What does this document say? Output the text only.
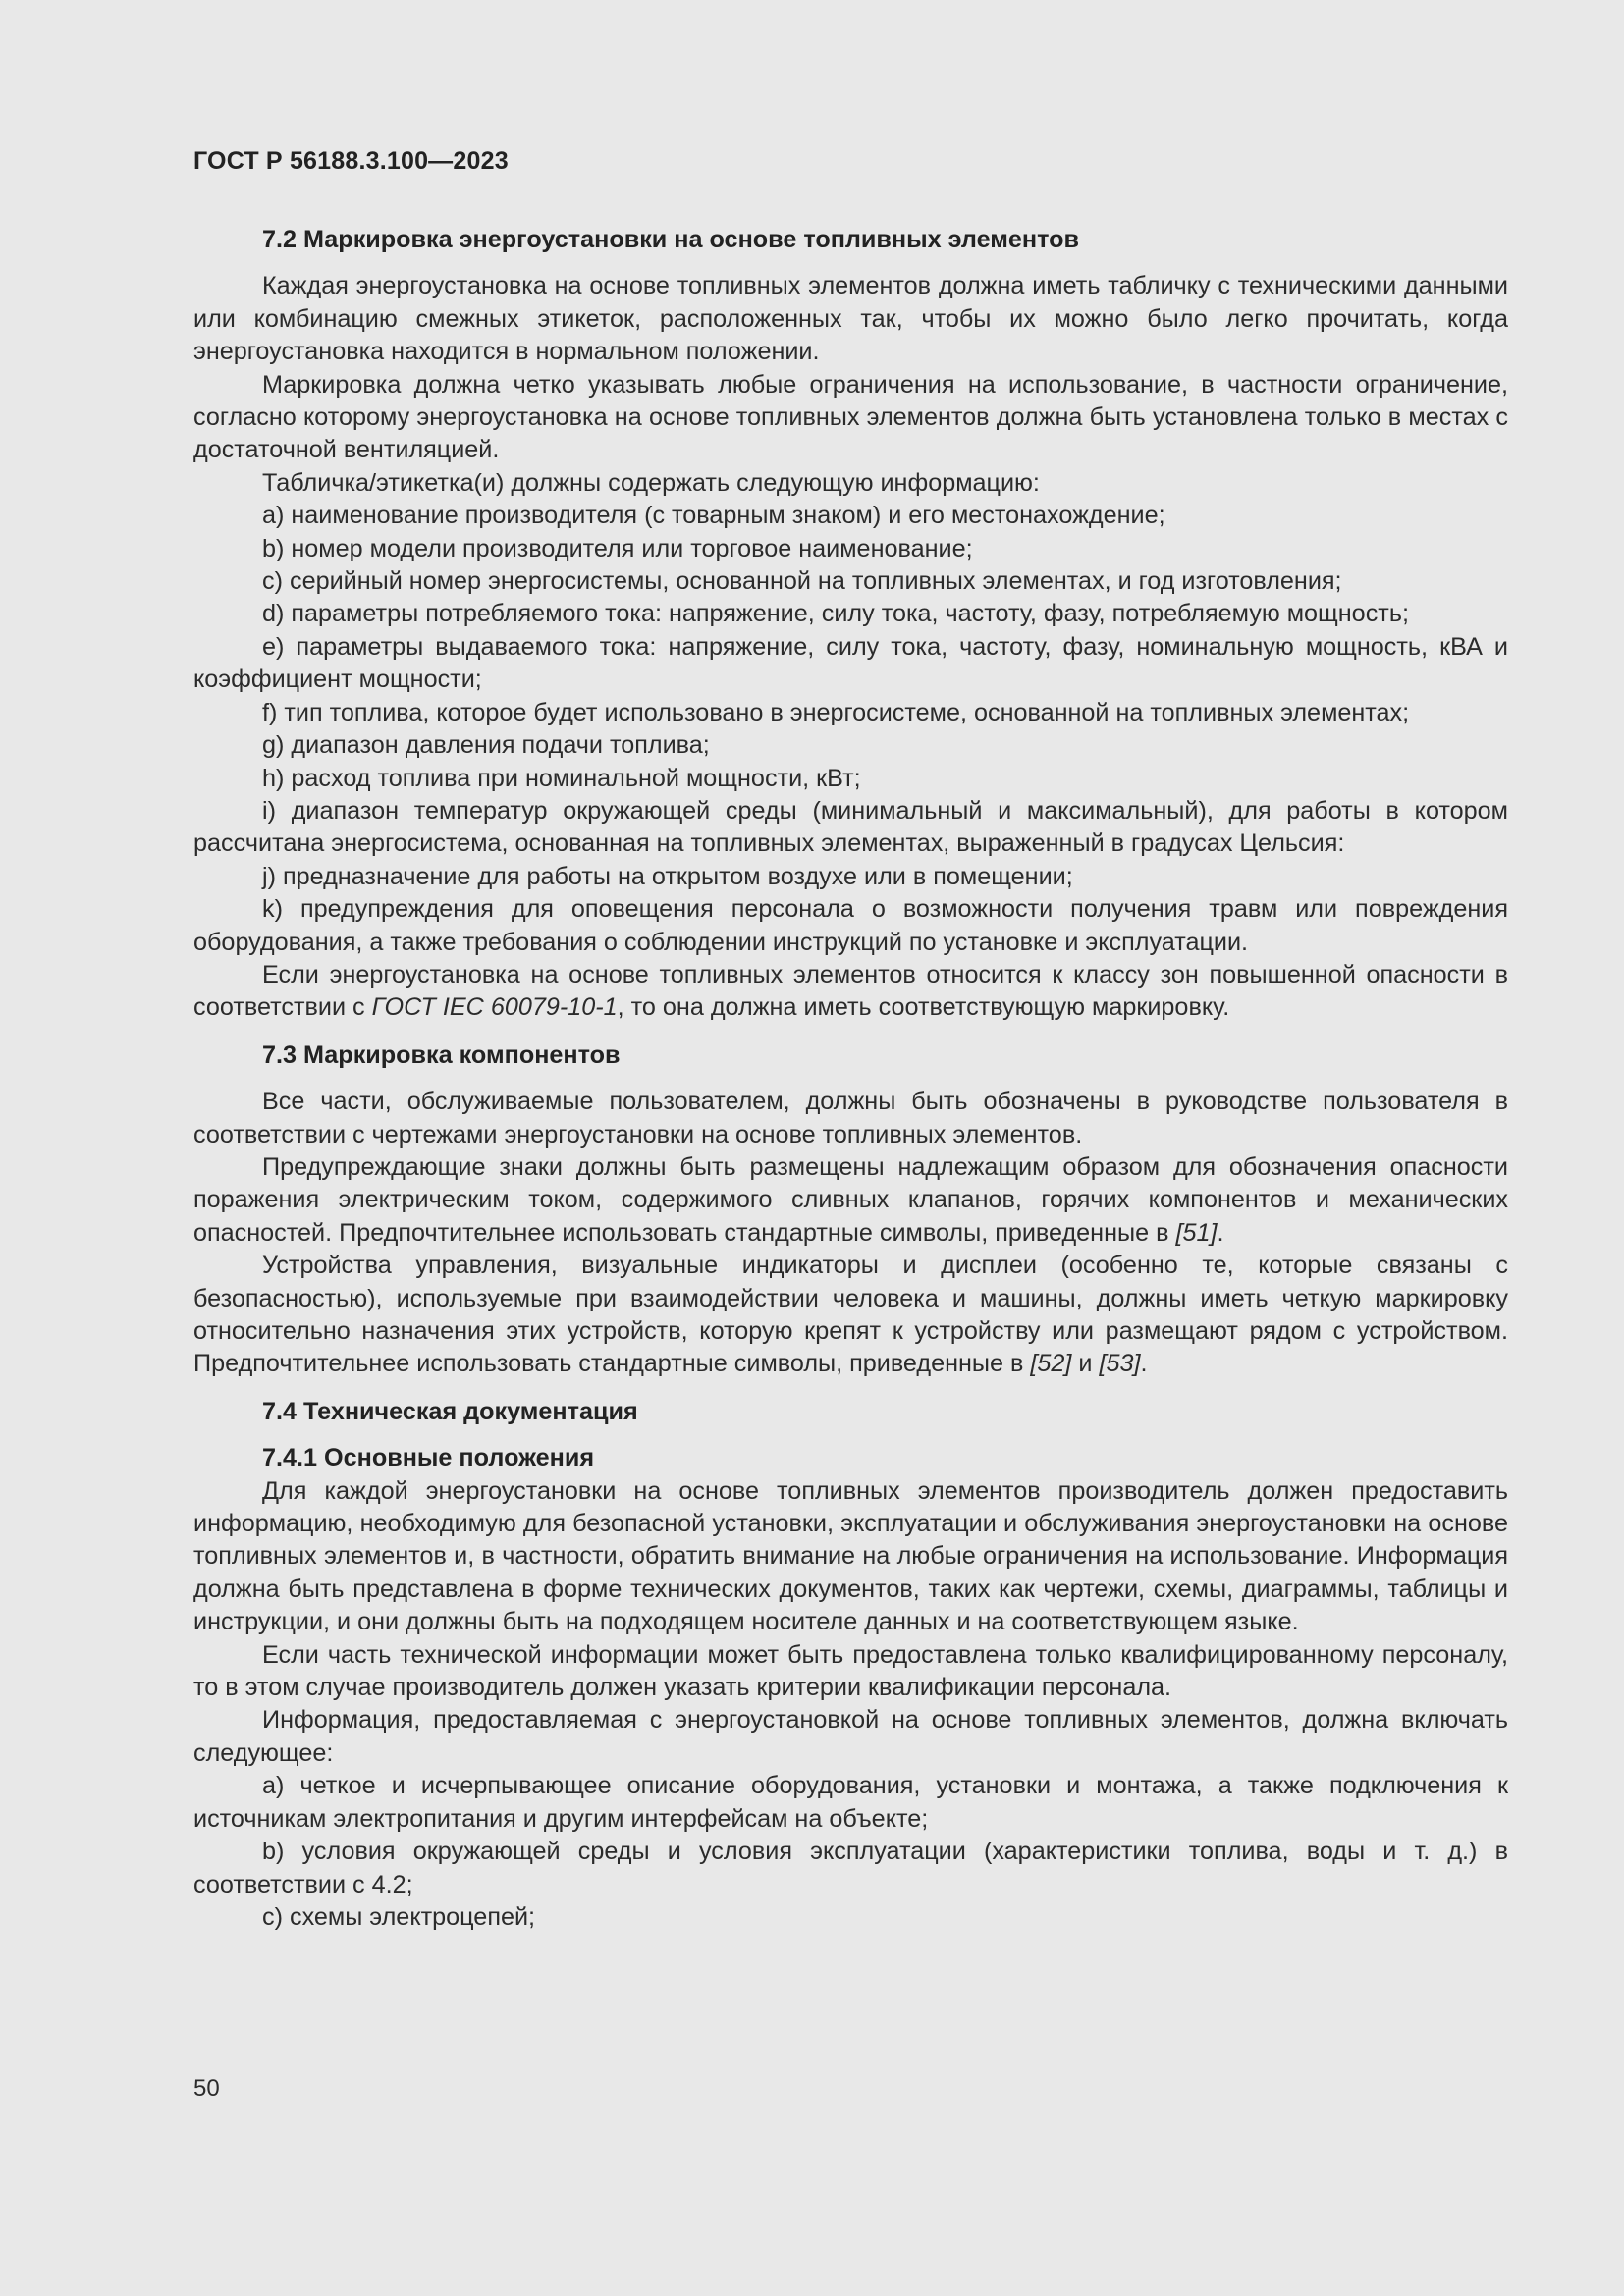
ГОСТ Р 56188.3.100—2023

7.2 Маркировка энергоустановки на основе топливных элементов

Каждая энергоустановка на основе топливных элементов должна иметь табличку с техническими данными или комбинацию смежных этикеток, расположенных так, чтобы их можно было легко прочитать, когда энергоустановка находится в нормальном положении.

Маркировка должна четко указывать любые ограничения на использование, в частности ограничение, согласно которому энергоустановка на основе топливных элементов должна быть установлена только в местах с достаточной вентиляцией.

Табличка/этикетка(и) должны содержать следующую информацию:

a) наименование производителя (с товарным знаком) и его местонахождение;

b) номер модели производителя или торговое наименование;

c) серийный номер энергосистемы, основанной на топливных элементах, и год изготовления;

d) параметры потребляемого тока: напряжение, силу тока, частоту, фазу, потребляемую мощность;

e) параметры выдаваемого тока: напряжение, силу тока, частоту, фазу, номинальную мощность, кВА и коэффициент мощности;

f) тип топлива, которое будет использовано в энергосистеме, основанной на топливных элементах;

g) диапазон давления подачи топлива;

h) расход топлива при номинальной мощности, кВт;

i) диапазон температур окружающей среды (минимальный и максимальный), для работы в котором рассчитана энергосистема, основанная на топливных элементах, выраженный в градусах Цельсия:

j) предназначение для работы на открытом воздухе или в помещении;

k) предупреждения для оповещения персонала о возможности получения травм или повреждения оборудования, а также требования о соблюдении инструкций по установке и эксплуатации.

Если энергоустановка на основе топливных элементов относится к классу зон повышенной опасности в соответствии с ГОСТ IEC 60079-10-1, то она должна иметь соответствующую маркировку.

7.3 Маркировка компонентов

Все части, обслуживаемые пользователем, должны быть обозначены в руководстве пользователя в соответствии с чертежами энергоустановки на основе топливных элементов.

Предупреждающие знаки должны быть размещены надлежащим образом для обозначения опасности поражения электрическим током, содержимого сливных клапанов, горячих компонентов и механических опасностей. Предпочтительнее использовать стандартные символы, приведенные в [51].

Устройства управления, визуальные индикаторы и дисплеи (особенно те, которые связаны с безопасностью), используемые при взаимодействии человека и машины, должны иметь четкую маркировку относительно назначения этих устройств, которую крепят к устройству или размещают рядом с устройством. Предпочтительнее использовать стандартные символы, приведенные в [52] и [53].

7.4 Техническая документация

7.4.1 Основные положения

Для каждой энергоустановки на основе топливных элементов производитель должен предоставить информацию, необходимую для безопасной установки, эксплуатации и обслуживания энергоустановки на основе топливных элементов и, в частности, обратить внимание на любые ограничения на использование. Информация должна быть представлена в форме технических документов, таких как чертежи, схемы, диаграммы, таблицы и инструкции, и они должны быть на подходящем носителе данных и на соответствующем языке.

Если часть технической информации может быть предоставлена только квалифицированному персоналу, то в этом случае производитель должен указать критерии квалификации персонала.

Информация, предоставляемая с энергоустановкой на основе топливных элементов, должна включать следующее:

a) четкое и исчерпывающее описание оборудования, установки и монтажа, а также подключения к источникам электропитания и другим интерфейсам на объекте;

b) условия окружающей среды и условия эксплуатации (характеристики топлива, воды и т. д.) в соответствии с 4.2;

c) схемы электроцепей;

50
